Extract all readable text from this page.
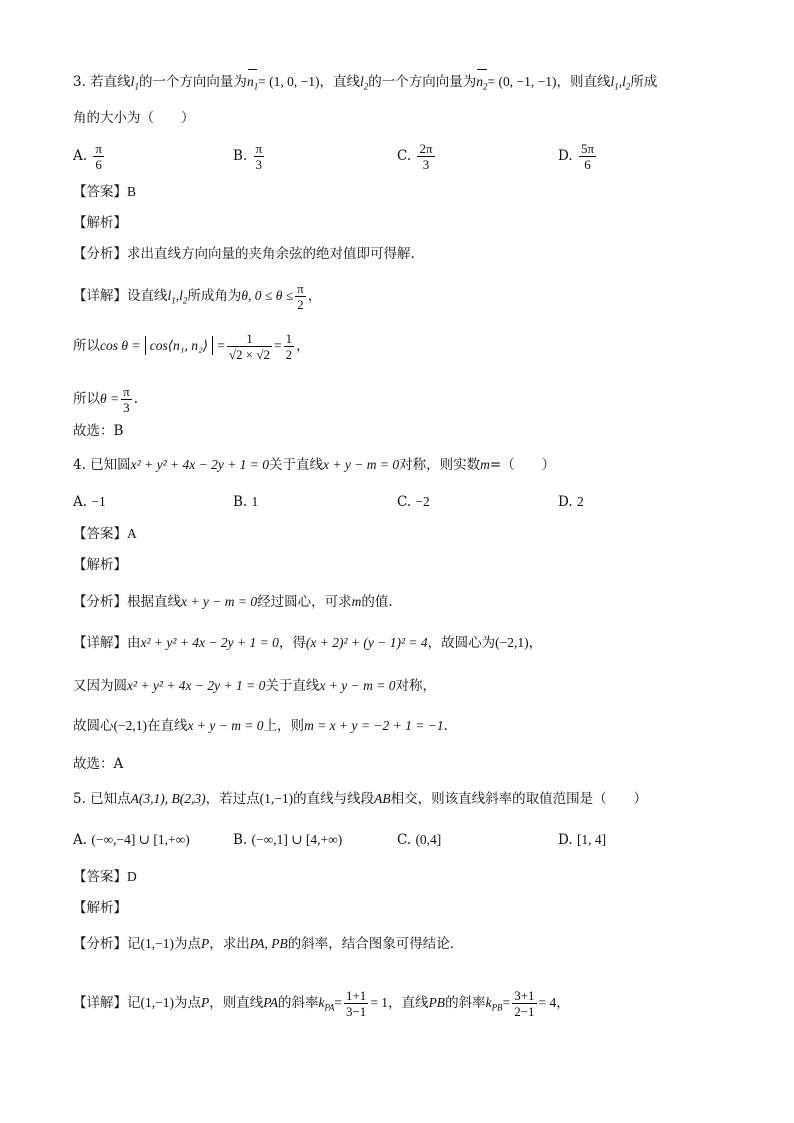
3. 若直线$l_1$的一个方向向量为$n_1= (1$, 0, −1)，直线$l_2$的一个方向向量为$n_2= (0$, −1, −1)，则直线$l_1,l_2$所成
角的大小为（　　）
A. $\frac{\pi}{6}$	B. $\frac{\pi}{3}$	C. $\frac{2\pi}{3}$	D. $\frac{5\pi}{6}$
【答案】B
【解析】
【分析】求出直线方向向量的夹角余弦的绝对值即可得解.
【详解】设直线$l_1,l_2$所成角为θ, $0 \le \theta \le \frac{\pi}{2}$ ，
所以cos θ = cos⟨n₁, n₂⟩ = $\frac{1}{√2 \times √2} = \frac{1}{2}$ ，
所以$\theta = \frac{\pi}{3}$ .
故选：B
4. 已知圆x² + y² + 4x − 2y + 1 = 0关于直线x + y − m = 0对称，则实数m=（　　）
A. −1	B. 1	C. −2	D. 2
【答案】A
【解析】
【分析】根据直线x + y − m = 0经过圆心，可求m的值.
【详解】由x² + y² + 4x − 2y + 1 = 0，得(x + 2)² + (y − 1)² = 4，故圆心为(−2,1)，
又因为圆x² + y² + 4x − 2y + 1 = 0关于直线x + y − m = 0对称，
故圆心(−2,1)在直线x + y − m = 0上，则m = x + y = −2 + 1 = −1.
故选：A
5. 已知点A(3,1), B(2,3)，若过点(1,−1)的直线与线段AB相交，则该直线斜率的取值范围是（　　）
A. (−∞,−4] ∪ [1,+∞)	B. (−∞,1] ∪ [4,+∞)	C. (0,4]	D. [1, 4]
【答案】D
【解析】
【分析】记(1,−1)为点P，求出PA, PB的斜率，结合图象可得结论．
【详解】记(1,−1)为点P，则直线PA的斜率$k_{PA}= \frac{1+1}{3-1} = 1$，直线PB的斜率$k_{PB}= \frac{3+1}{2-1} = 4$，
